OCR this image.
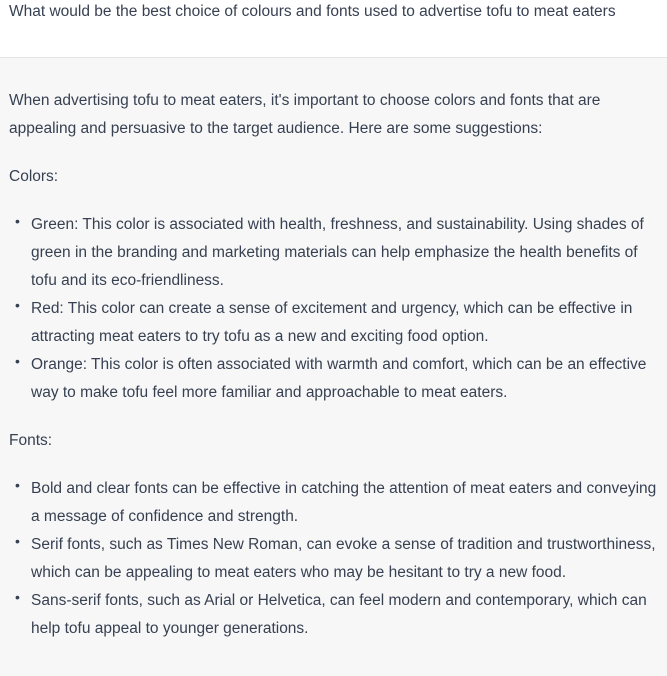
What would be the best choice of colours and fonts used to advertise tofu to meat eaters

When advertising tofu to meat eaters, it's important to choose colors and fonts that are appealing and persuasive to the target audience. Here are some suggestions:

Colors:

• Green: This color is associated with health, freshness, and sustainability. Using shades of green in the branding and marketing materials can help emphasize the health benefits of tofu and its eco-friendliness.
• Red: This color can create a sense of excitement and urgency, which can be effective in attracting meat eaters to try tofu as a new and exciting food option.
• Orange: This color is often associated with warmth and comfort, which can be an effective way to make tofu feel more familiar and approachable to meat eaters.

Fonts:

• Bold and clear fonts can be effective in catching the attention of meat eaters and conveying a message of confidence and strength.
• Serif fonts, such as Times New Roman, can evoke a sense of tradition and trustworthiness, which can be appealing to meat eaters who may be hesitant to try a new food.
• Sans-serif fonts, such as Arial or Helvetica, can feel modern and contemporary, which can help tofu appeal to younger generations.
